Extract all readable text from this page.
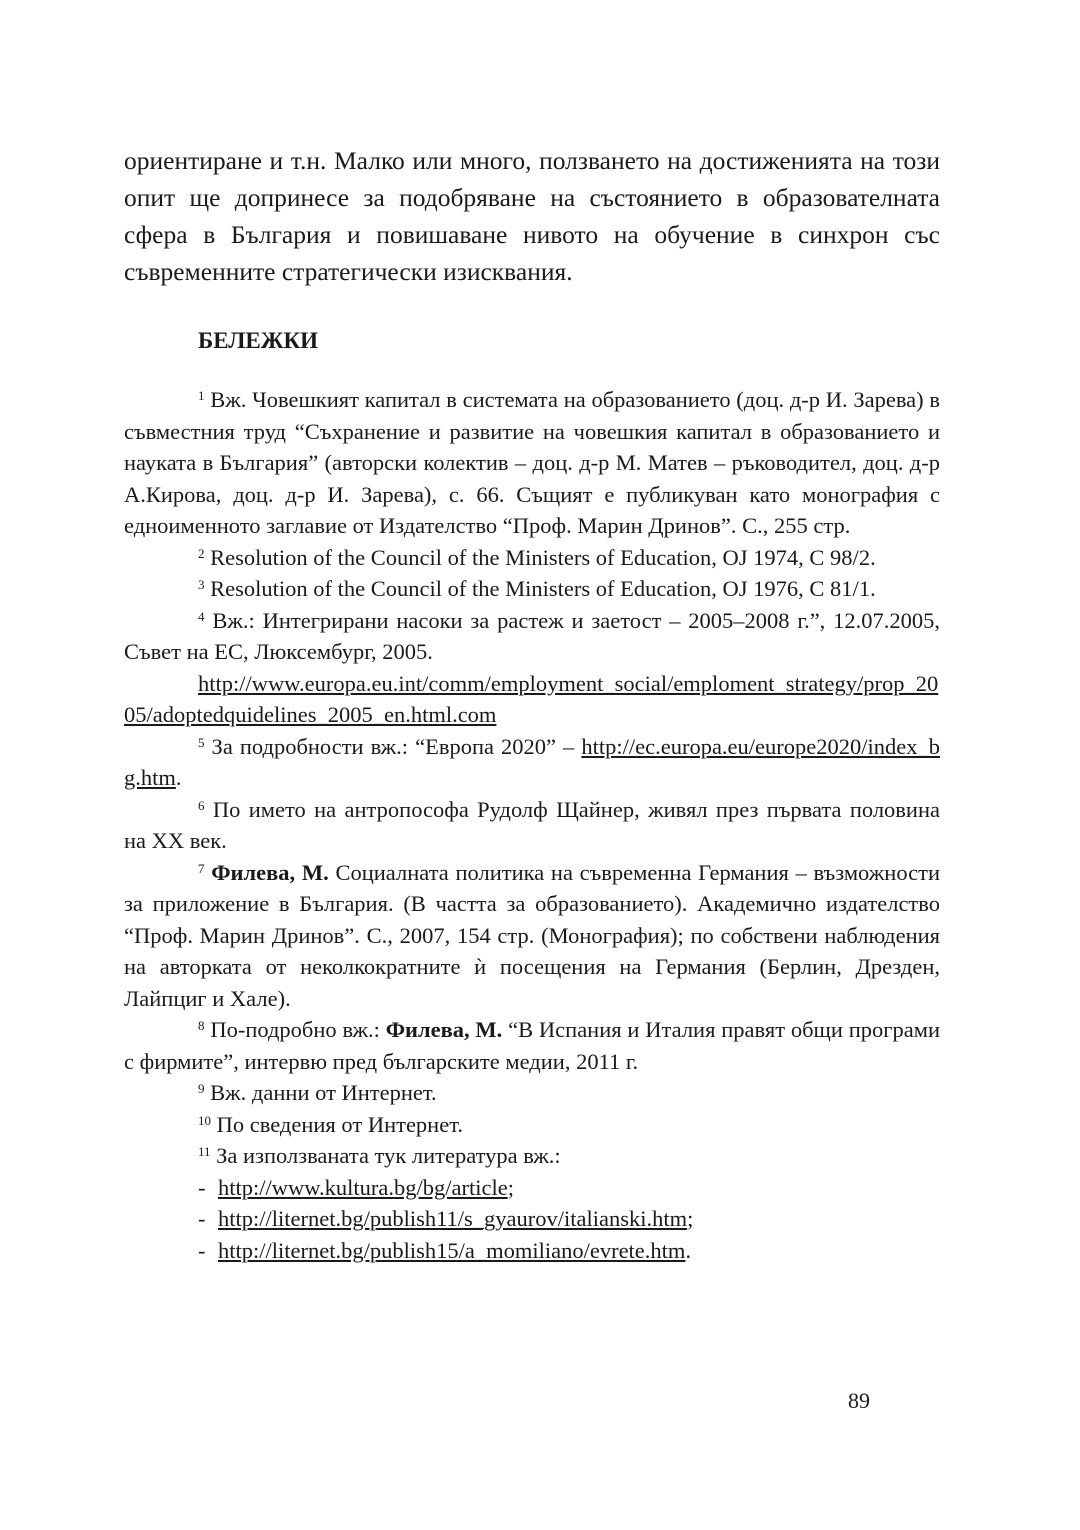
ориентиране и т.н. Малко или много, ползването на достиженията на този опит ще допринесе за подобряване на състоянието в образователната сфера в България и повишаване нивото на обучение в синхрон със съвременните стратегически изисквания.

БЕЛЕЖКИ

$^1$ Вж. Човешкият капитал в системата на образованието (доц. д-р И. Зарева) в съвместния труд “Съхранение и развитие на човешкия капитал в образованието и науката в България” (авторски колектив – доц. д-р М. Матев – ръководител, доц. д-р А.Кирова, доц. д-р И. Зарева), с. 66. Същият е публикуван като монография с едноименното заглавие от Издателство “Проф. Марин Дринов”. С., 255 стр.

$^2$ Resolution of the Council of the Ministers of Education, OJ 1974, C 98/2.

$^3$ Resolution of the Council of the Ministers of Education, OJ 1976, C 81/1.

$^4$ Вж.: Интегрирани насоки за растеж и заетост – 2005–2008 г.”, 12.07.2005, Съвет на ЕС, Люксембург, 2005.

http://www.europa.eu.int/comm/employment_social/emploment_strategy/prop_2005/adoptedquidelines_2005_en.html.com

$^5$ За подробности вж.: “Европа 2020” – http://ec.europa.eu/europe2020/index_bg.htm.

$^6$ По името на антропософа Рудолф Щайнер, живял през първата половина на XX век.

$^7$ Филева, М. Социалната политика на съвременна Германия – възможности за приложение в България. (В частта за образованието). Академично издателство “Проф. Марин Дринов”. С., 2007, 154 стр. (Монография); по собствени наблюдения на авторката от неколкократните ѝ посещения на Германия (Берлин, Дрезден, Лайпциг и Хале).

$^8$ По-подробно вж.: Филева, М. “В Испания и Италия правят общи програми с фирмите”, интервю пред българските медии, 2011 г.

$^9$ Вж. данни от Интернет.

$^{10}$ По сведения от Интернет.

$^{11}$ За използваната тук литература вж.:

- http://www.kultura.bg/bg/article;

- http://liternet.bg/publish11/s_gyaurov/italianski.htm;

- http://liternet.bg/publish15/a_momiliano/evrete.htm.

89
